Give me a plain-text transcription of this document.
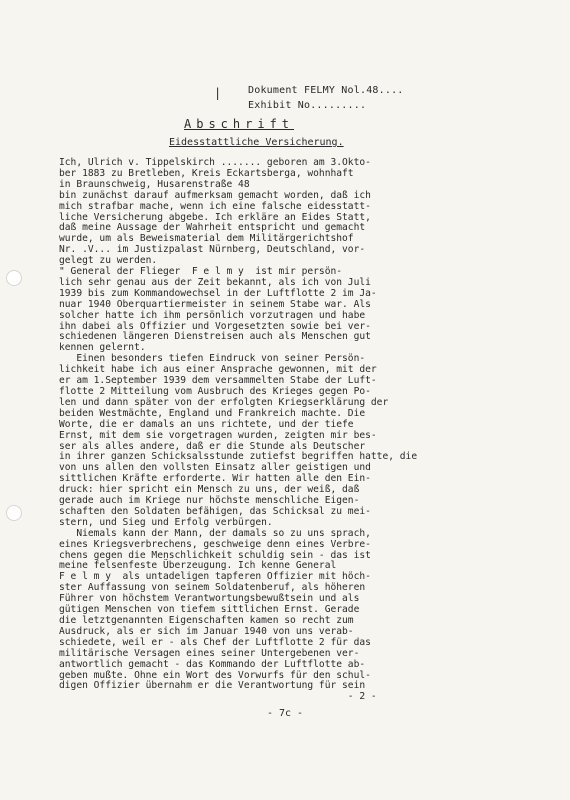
|	Dokument FELMY Nol.48....
Exhibit No.........
Abschrift
Eidesstattliche Versicherung.
Ich, Ulrich v. Tippelskirch ....... geboren am 3.Okto-
ber 1883 zu Bretleben, Kreis Eckartsberga, wohnhaft
in Braunschweig, Husarenstraße 48
bin zunächst darauf aufmerksam gemacht worden, daß ich
mich strafbar mache, wenn ich eine falsche eidesstatt-
liche Versicherung abgebe. Ich erkläre an Eides Statt,
daß meine Aussage der Wahrheit entspricht und gemacht
wurde, um als Beweismaterial dem Militärgerichtshof
Nr. .V... im Justizpalast Nürnberg, Deutschland, vor-
gelegt zu werden.
" General der Flieger  F e l m y  ist mir persön-
lich sehr genau aus der Zeit bekannt, als ich von Juli
1939 bis zum Kommandowechsel in der Luftflotte 2 im Ja-
nuar 1940 Oberquartiermeister in seinem Stabe war. Als
solcher hatte ich ihm persönlich vorzutragen und habe
ihn dabei als Offizier und Vorgesetzten sowie bei ver-
schiedenen längeren Dienstreisen auch als Menschen gut
kennen gelernt.
Einen besonders tiefen Eindruck von seiner Persön-
lichkeit habe ich aus einer Ansprache gewonnen, mit der
er am 1.September 1939 dem versammelten Stabe der Luft-
flotte 2 Mitteilung vom Ausbruch des Krieges gegen Po-
len und dann später von der erfolgten Kriegserklärung der
beiden Westmächte, England und Frankreich machte. Die
Worte, die er damals an uns richtete, und der tiefe
Ernst, mit dem sie vorgetragen wurden, zeigten mir bes-
ser als alles andere, daß er die Stunde als Deutscher
in ihrer ganzen Schicksalsstunde zutiefst begriffen hatte, die
von uns allen den vollsten Einsatz aller geistigen und
sittlichen Kräfte erforderte. Wir hatten alle den Ein-
druck: hier spricht ein Mensch zu uns, der weiß, daß
gerade auch im Kriege nur höchste menschliche Eigen-
schaften den Soldaten befähigen, das Schicksal zu mei-
stern, und Sieg und Erfolg verbürgen.
Niemals kann der Mann, der damals so zu uns sprach,
eines Kriegsverbrechens, geschweige denn eines Verbre-
chens gegen die Menschlichkeit schuldig sein - das ist
meine felsenfeste Überzeugung. Ich kenne General
F e l m y  als untadeligen tapferen Offizier mit höch-
ster Auffassung von seinem Soldatenberuf, als höheren
Führer von höchstem Verantwortungsbewußtsein und als
gütigen Menschen von tiefem sittlichen Ernst. Gerade
die letztgenannten Eigenschaften kamen so recht zum
Ausdruck, als er sich im Januar 1940 von uns verab-
schiedete, weil er - als Chef der Luftflotte 2 für das
militärische Versagen eines seiner Untergebenen ver-
antwortlich gemacht - das Kommando der Luftflotte ab-
geben mußte. Ohne ein Wort des Vorwurfs für den schul-
digen Offizier übernahm er die Verantwortung für sein
- 2 -
- 7c -
